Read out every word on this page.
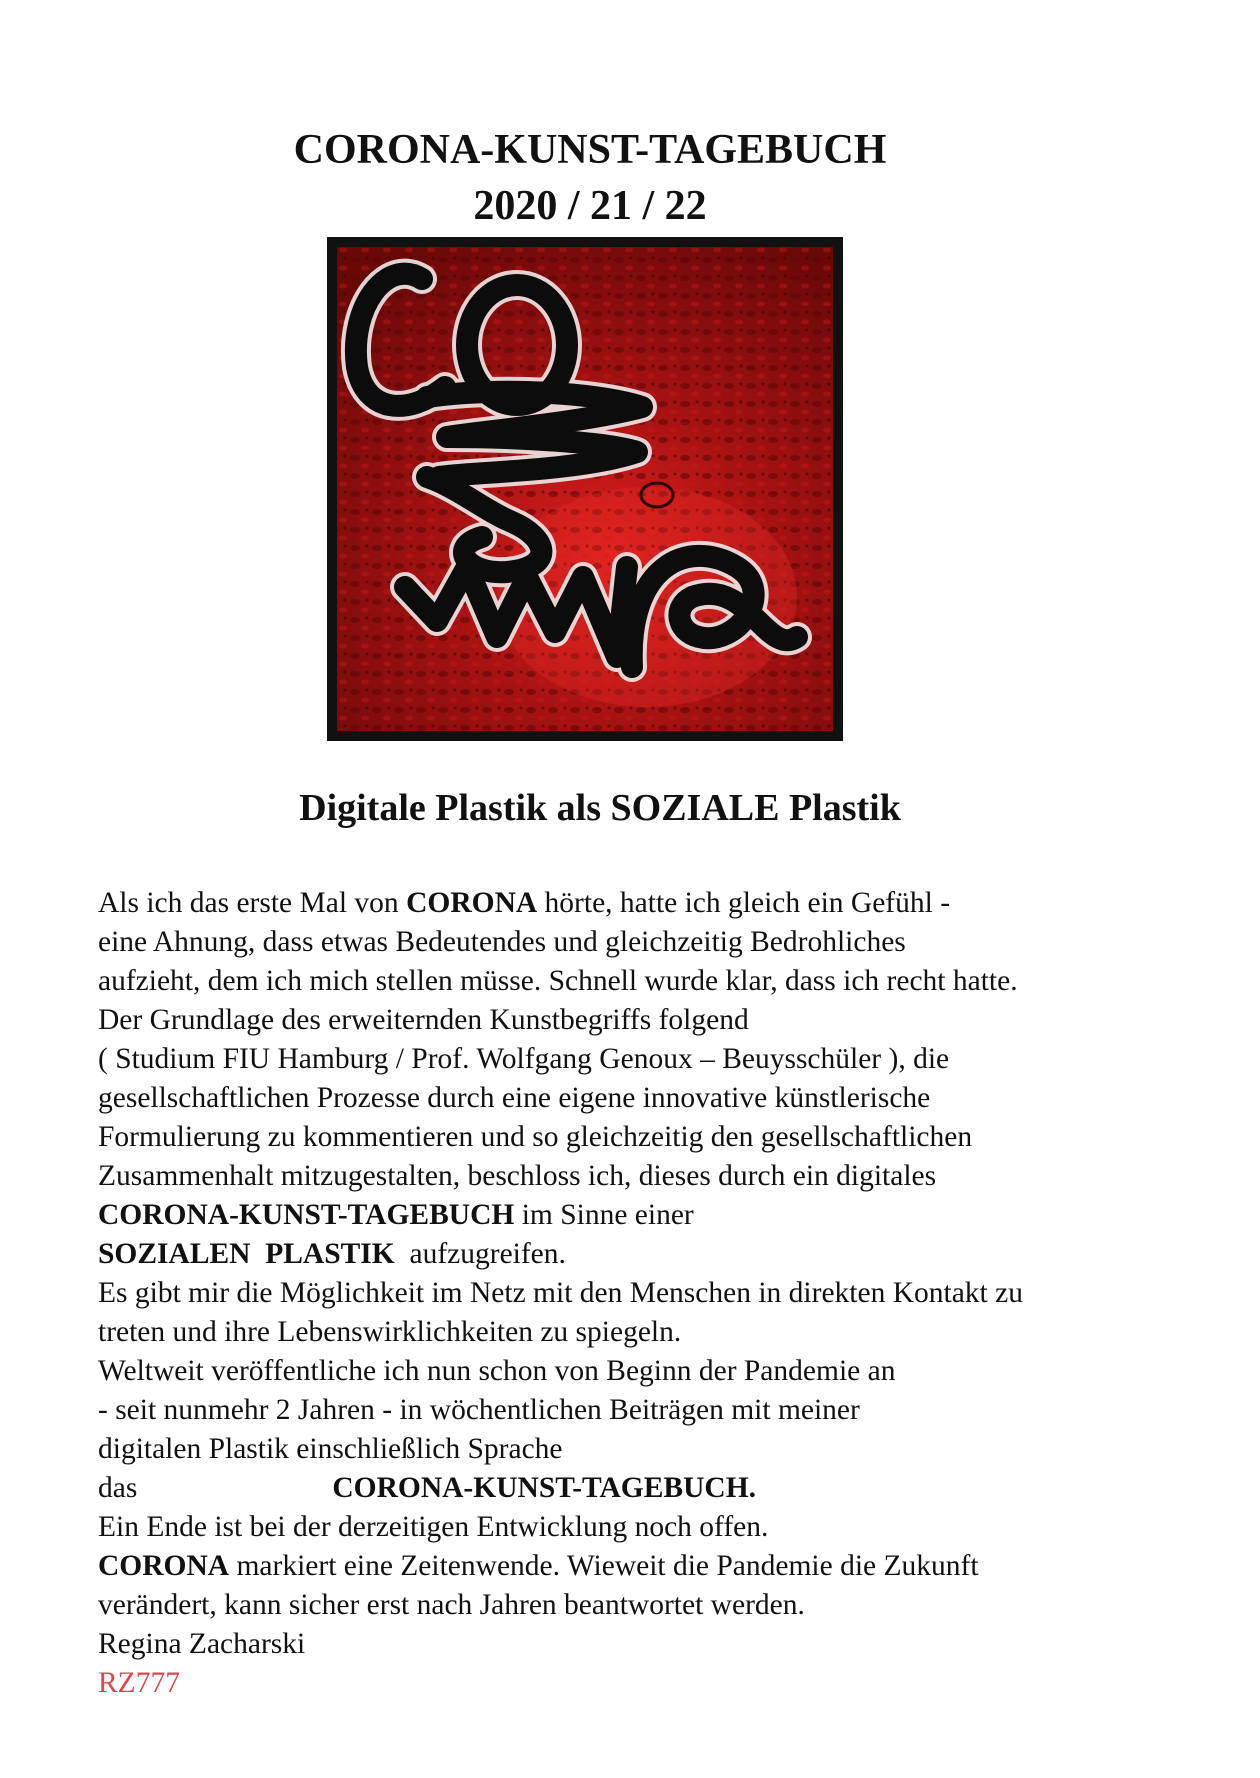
CORONA-KUNST-TAGEBUCH
2020 / 21 / 22
Digitale Plastik als SOZIALE Plastik
Als ich das erste Mal von CORONA hörte, hatte ich gleich ein Gefühl -
eine Ahnung, dass etwas Bedeutendes und gleichzeitig Bedrohliches
aufzieht, dem ich mich stellen müsse. Schnell wurde klar, dass ich recht hatte.
Der Grundlage des erweiternden Kunstbegriffs folgend
( Studium FIU Hamburg / Prof. Wolfgang Genoux – Beuysschüler ), die
gesellschaftlichen Prozesse durch eine eigene innovative künstlerische
Formulierung zu kommentieren und so gleichzeitig den gesellschaftlichen
Zusammenhalt mitzugestalten, beschloss ich, dieses durch ein digitales
CORONA-KUNST-TAGEBUCH im Sinne einer
SOZIALEN  PLASTIK  aufzugreifen.
Es gibt mir die Möglichkeit im Netz mit den Menschen in direkten Kontakt zu
treten und ihre Lebenswirklichkeiten zu spiegeln.
Weltweit veröffentliche ich nun schon von Beginn der Pandemie an
- seit nunmehr 2 Jahren - in wöchentlichen Beiträgen mit meiner
digitalen Plastik einschließlich Sprache
das	CORONA-KUNST-TAGEBUCH.
Ein Ende ist bei der derzeitigen Entwicklung noch offen.
CORONA markiert eine Zeitenwende. Wieweit die Pandemie die Zukunft
verändert, kann sicher erst nach Jahren beantwortet werden.
Regina Zacharski
RZ777
